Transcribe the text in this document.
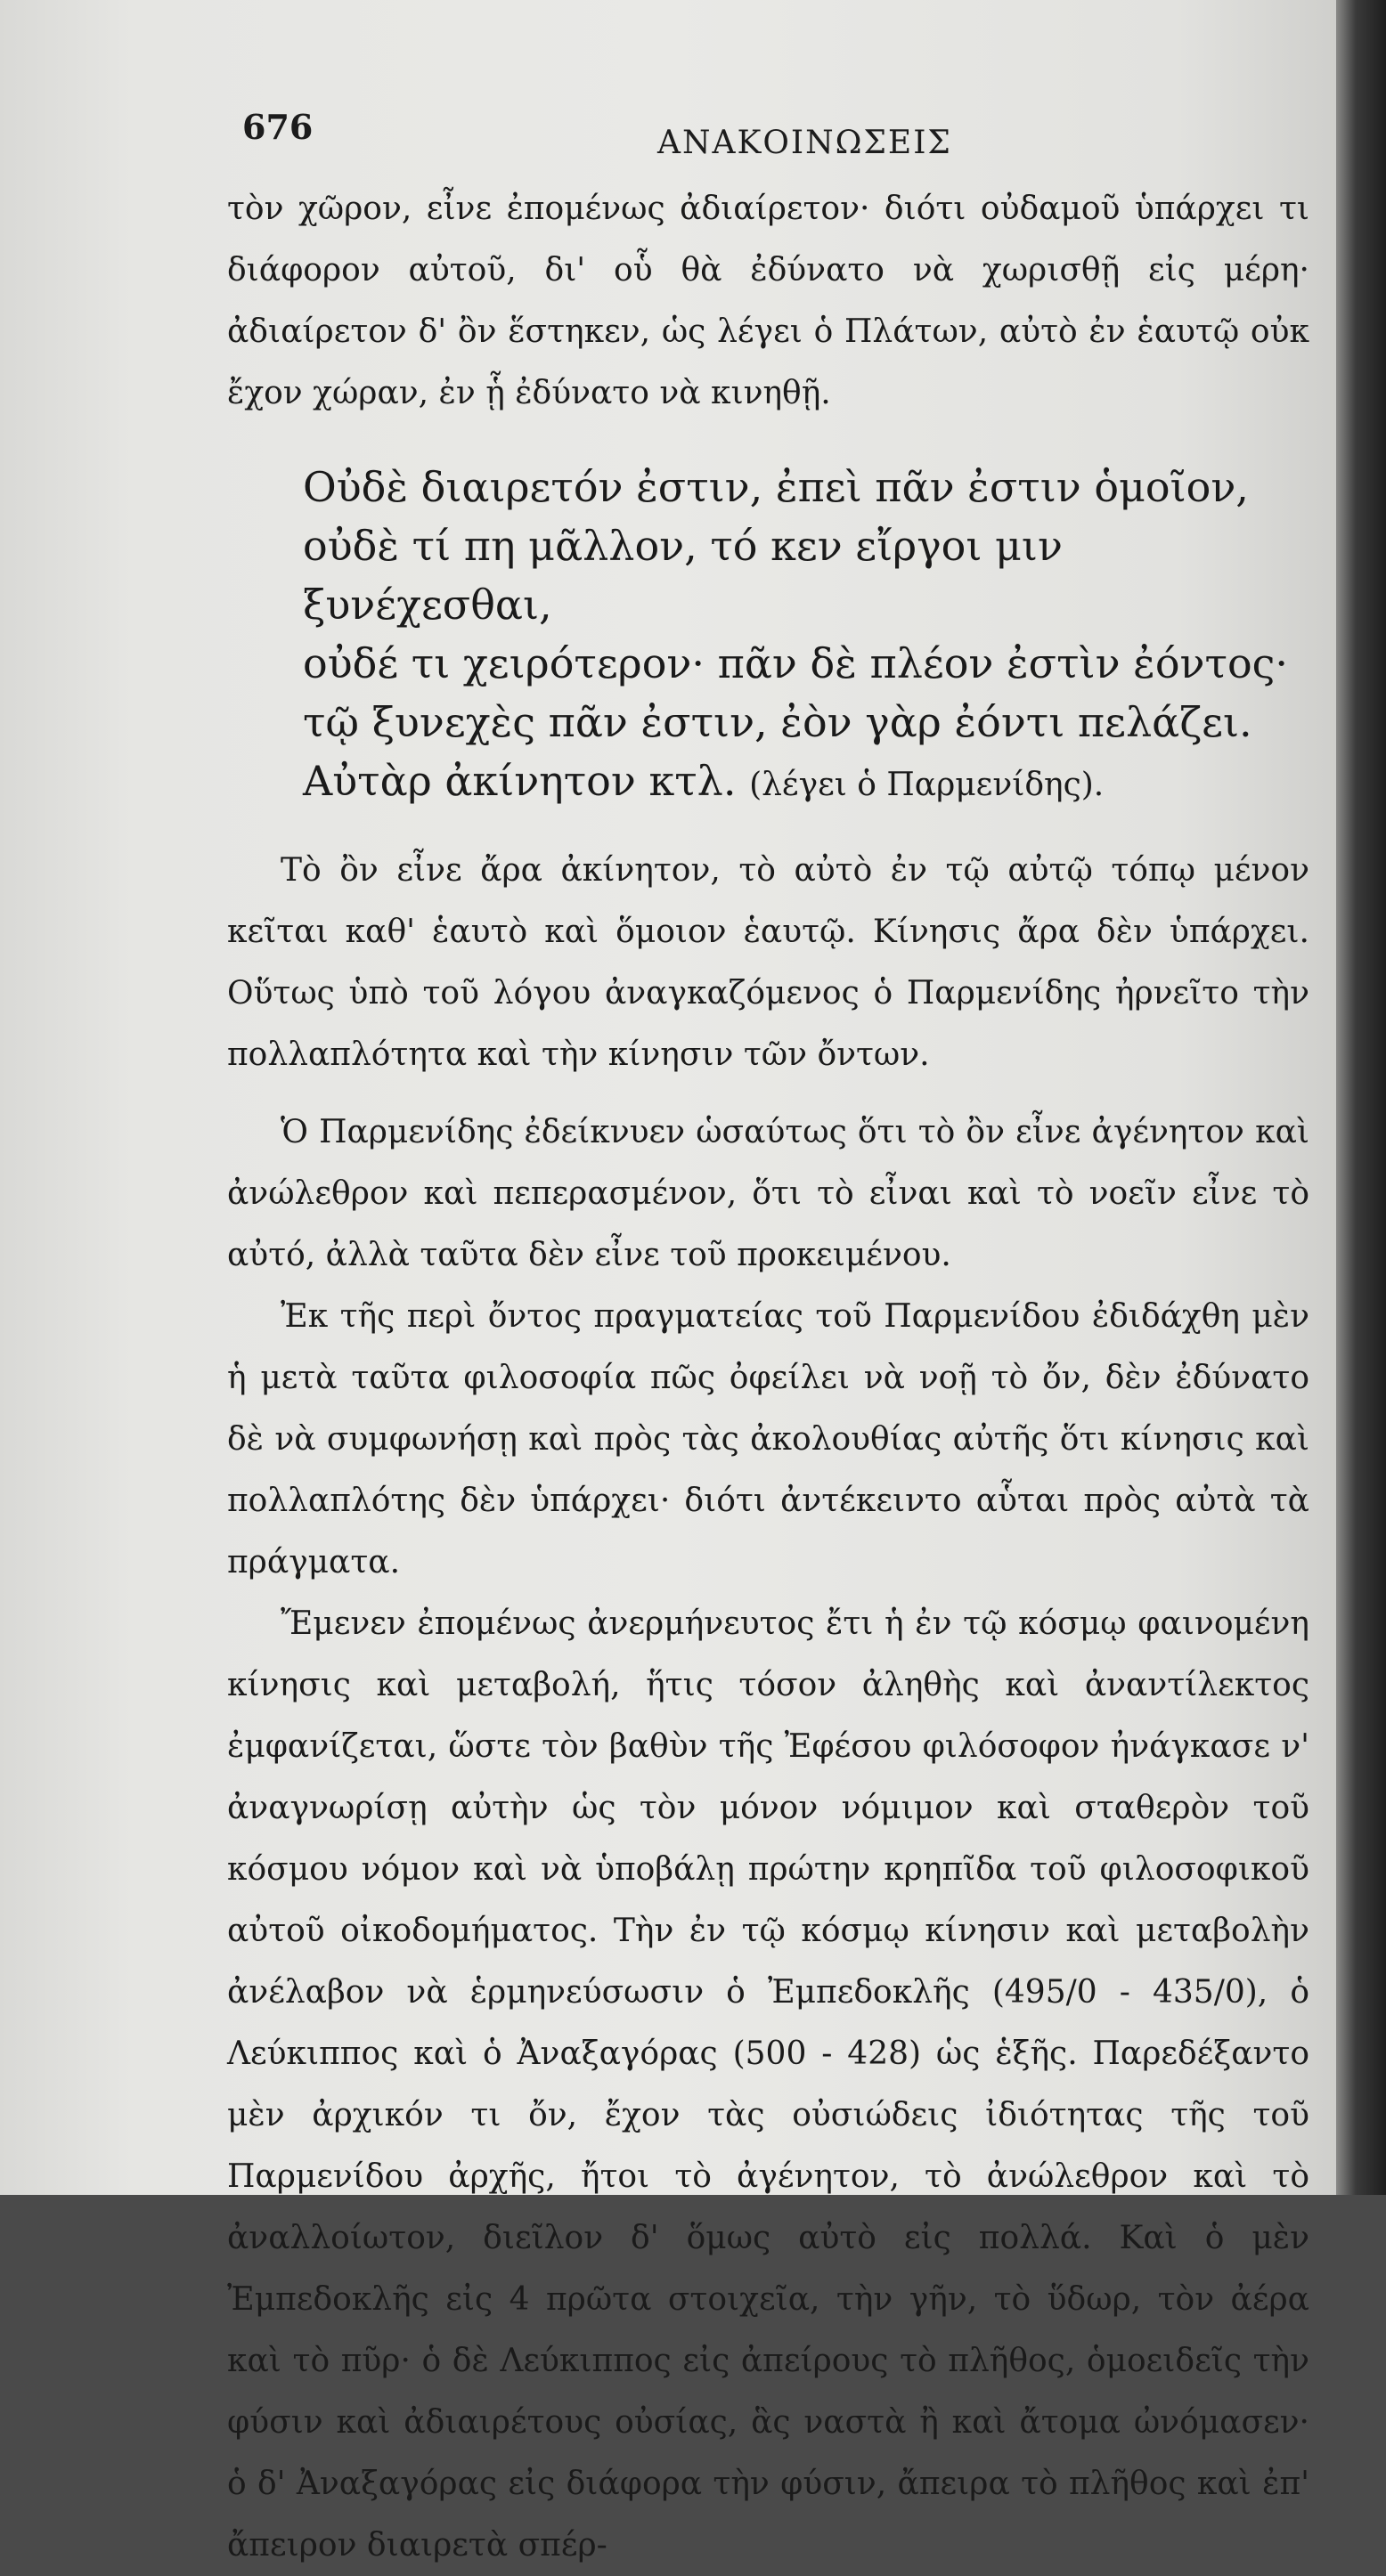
676	ΑΝΑΚΟΙΝΩΣΕΙΣ

τὸν χῶρον, εἶνε ἐπομένως ἀδιαίρετον· διότι οὐδαμοῦ ὑπάρχει τι διάφορον αὐτοῦ, δι' οὗ θὰ ἐδύνατο νὰ χωρισθῇ εἰς μέρη· ἀδιαίρετον δ' ὂν ἕστηκεν, ὡς λέγει ὁ Πλάτων, αὐτὸ ἐν ἑαυτῷ οὐκ ἔχον χώραν, ἐν ᾗ ἐδύνατο νὰ κινηθῇ.

Οὐδὲ διαιρετόν ἐστιν, ἐπεὶ πᾶν ἐστιν ὁμοῖον,
οὐδὲ τί πη μᾶλλον, τό κεν εἴργοι μιν ξυνέχεσθαι,
οὐδέ τι χειρότερον· πᾶν δὲ πλέον ἐστὶν ἐόντος·
τῷ ξυνεχὲς πᾶν ἐστιν, ἐὸν γὰρ ἐόντι πελάζει.
Αὐτὰρ ἀκίνητον κτλ. (λέγει ὁ Παρμενίδης).

Τὸ ὂν εἶνε ἄρα ἀκίνητον, τὸ αὐτὸ ἐν τῷ αὐτῷ τόπῳ μένον κεῖται καθ' ἑαυτὸ καὶ ὅμοιον ἑαυτῷ. Κίνησις ἄρα δὲν ὑπάρχει. Οὕτως ὑπὸ τοῦ λόγου ἀναγκαζόμενος ὁ Παρμενίδης ἠρνεῖτο τὴν πολλαπλότητα καὶ τὴν κίνησιν τῶν ὄντων.

Ὁ Παρμενίδης ἐδείκνυεν ὡσαύτως ὅτι τὸ ὂν εἶνε ἀγένητον καὶ ἀνώλεθρον καὶ πεπερασμένον, ὅτι τὸ εἶναι καὶ τὸ νοεῖν εἶνε τὸ αὐτό, ἀλλὰ ταῦτα δὲν εἶνε τοῦ προκειμένου.

Ἐκ τῆς περὶ ὄντος πραγματείας τοῦ Παρμενίδου ἐδιδάχθη μὲν ἡ μετὰ ταῦτα φιλοσοφία πῶς ὀφείλει νὰ νοῇ τὸ ὄν, δὲν ἐδύνατο δὲ νὰ συμφωνήσῃ καὶ πρὸς τὰς ἀκολουθίας αὐτῆς ὅτι κίνησις καὶ πολλαπλότης δὲν ὑπάρχει· διότι ἀντέκειντο αὗται πρὸς αὐτὰ τὰ πράγματα.

Ἔμενεν ἐπομένως ἀνερμήνευτος ἔτι ἡ ἐν τῷ κόσμῳ φαινομένη κίνησις καὶ μεταβολή, ἥτις τόσον ἀληθὴς καὶ ἀναντίλεκτος ἐμφανίζεται, ὥστε τὸν βαθὺν τῆς Ἐφέσου φιλόσοφον ἠνάγκασε ν' ἀναγνωρίσῃ αὐτὴν ὡς τὸν μόνον νόμιμον καὶ σταθερὸν τοῦ κόσμου νόμον καὶ νὰ ὑποβάλῃ πρώτην κρηπῖδα τοῦ φιλοσοφικοῦ αὐτοῦ οἰκοδομήματος. Τὴν ἐν τῷ κόσμῳ κίνησιν καὶ μεταβολὴν ἀνέλαβον νὰ ἑρμηνεύσωσιν ὁ Ἐμπεδοκλῆς (495/0 - 435/0), ὁ Λεύκιππος καὶ ὁ Ἀναξαγόρας (500 - 428) ὡς ἑξῆς. Παρεδέξαντο μὲν ἀρχικόν τι ὄν, ἔχον τὰς οὐσιώδεις ἰδιότητας τῆς τοῦ Παρμενίδου ἀρχῆς, ἤτοι τὸ ἀγένητον, τὸ ἀνώλεθρον καὶ τὸ ἀναλλοίωτον, διεῖλον δ' ὅμως αὐτὸ εἰς πολλά. Καὶ ὁ μὲν Ἐμπεδοκλῆς εἰς 4 πρῶτα στοιχεῖα, τὴν γῆν, τὸ ὕδωρ, τὸν ἀέρα καὶ τὸ πῦρ· ὁ δὲ Λεύκιππος εἰς ἀπείρους τὸ πλῆθος, ὁμοειδεῖς τὴν φύσιν καὶ ἀδιαιρέτους οὐσίας, ἃς ναστὰ ἢ καὶ ἄτομα ὠνόμασεν· ὁ δ' Ἀναξαγόρας εἰς διάφορα τὴν φύσιν, ἄπειρα τὸ πλῆθος καὶ ἐπ' ἄπειρον διαιρετὰ σπέρ-
